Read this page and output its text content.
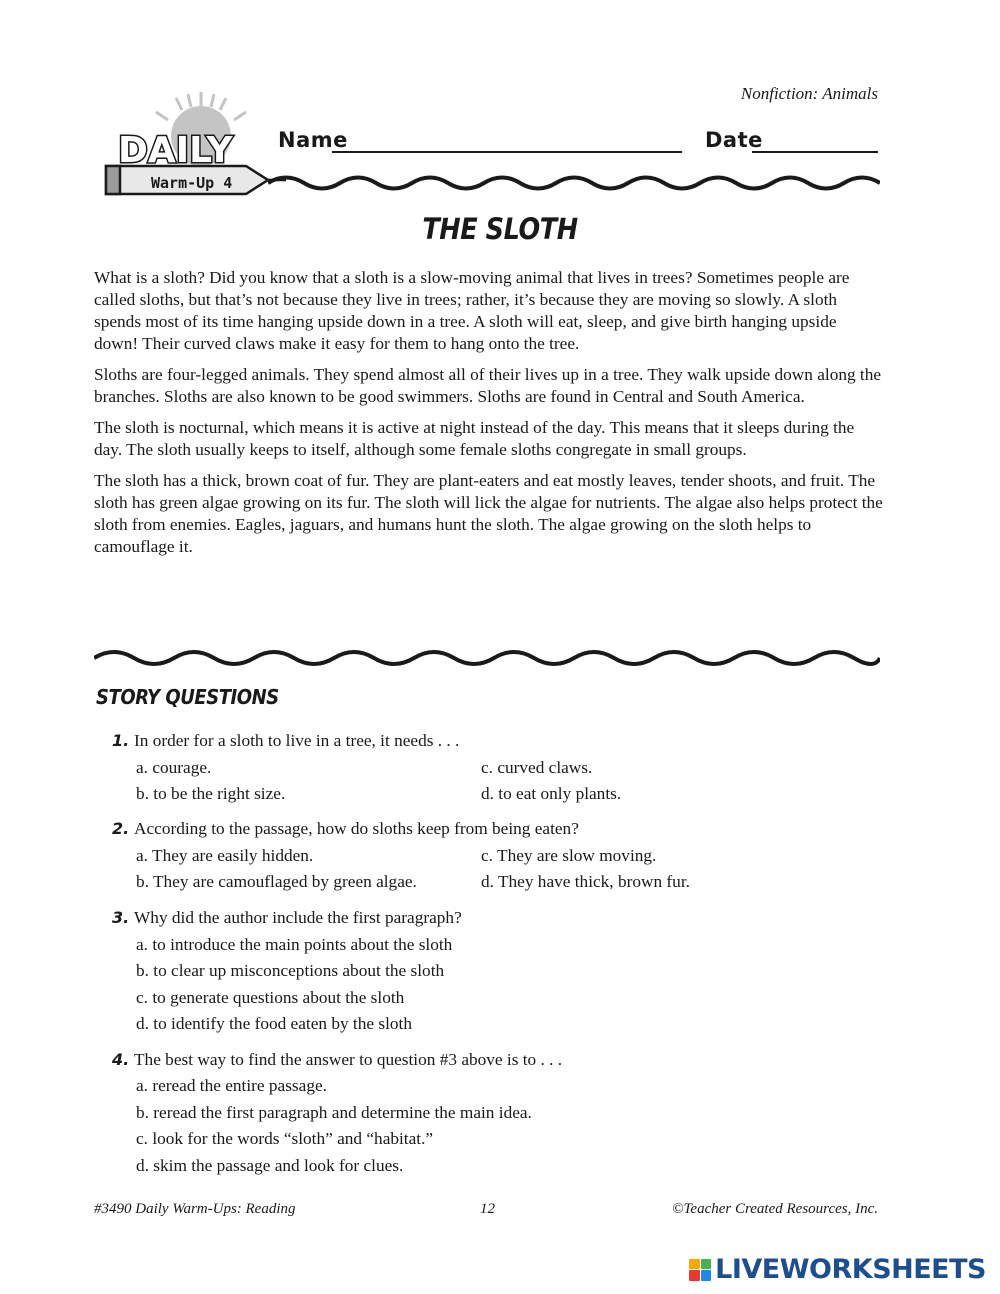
Nonfiction: Animals
DAILY
Warm-Up 4
Name	Date
THE SLOTH

What is a sloth? Did you know that a sloth is a slow-moving animal that lives in trees? Sometimes people are called sloths, but that’s not because they live in trees; rather, it’s because they are moving so slowly. A sloth spends most of its time hanging upside down in a tree. A sloth will eat, sleep, and give birth hanging upside down! Their curved claws make it easy for them to hang onto the tree.

Sloths are four-legged animals. They spend almost all of their lives up in a tree. They walk upside down along the branches. Sloths are also known to be good swimmers. Sloths are found in Central and South America.

The sloth is nocturnal, which means it is active at night instead of the day. This means that it sleeps during the day. The sloth usually keeps to itself, although some female sloths congregate in small groups.

The sloth has a thick, brown coat of fur. They are plant-eaters and eat mostly leaves, tender shoots, and fruit. The sloth has green algae growing on its fur. The sloth will lick the algae for nutrients. The algae also helps protect the sloth from enemies. Eagles, jaguars, and humans hunt the sloth. The algae growing on the sloth helps to camouflage it.

STORY QUESTIONS
1. In order for a sloth to live in a tree, it needs . . .
a. courage.
b. to be the right size.
c. curved claws.
d. to eat only plants.
2. According to the passage, how do sloths keep from being eaten?
a. They are easily hidden.
b. They are camouflaged by green algae.
c. They are slow moving.
d. They have thick, brown fur.
3. Why did the author include the first paragraph?
a. to introduce the main points about the sloth
b. to clear up misconceptions about the sloth
c. to generate questions about the sloth
d. to identify the food eaten by the sloth
4. The best way to find the answer to question #3 above is to . . .
a. reread the entire passage.
b. reread the first paragraph and determine the main idea.
c. look for the words “sloth” and “habitat.”
d. skim the passage and look for clues.
#3490 Daily Warm-Ups: Reading	12	©Teacher Created Resources, Inc.
LIVEWORKSHEETS
